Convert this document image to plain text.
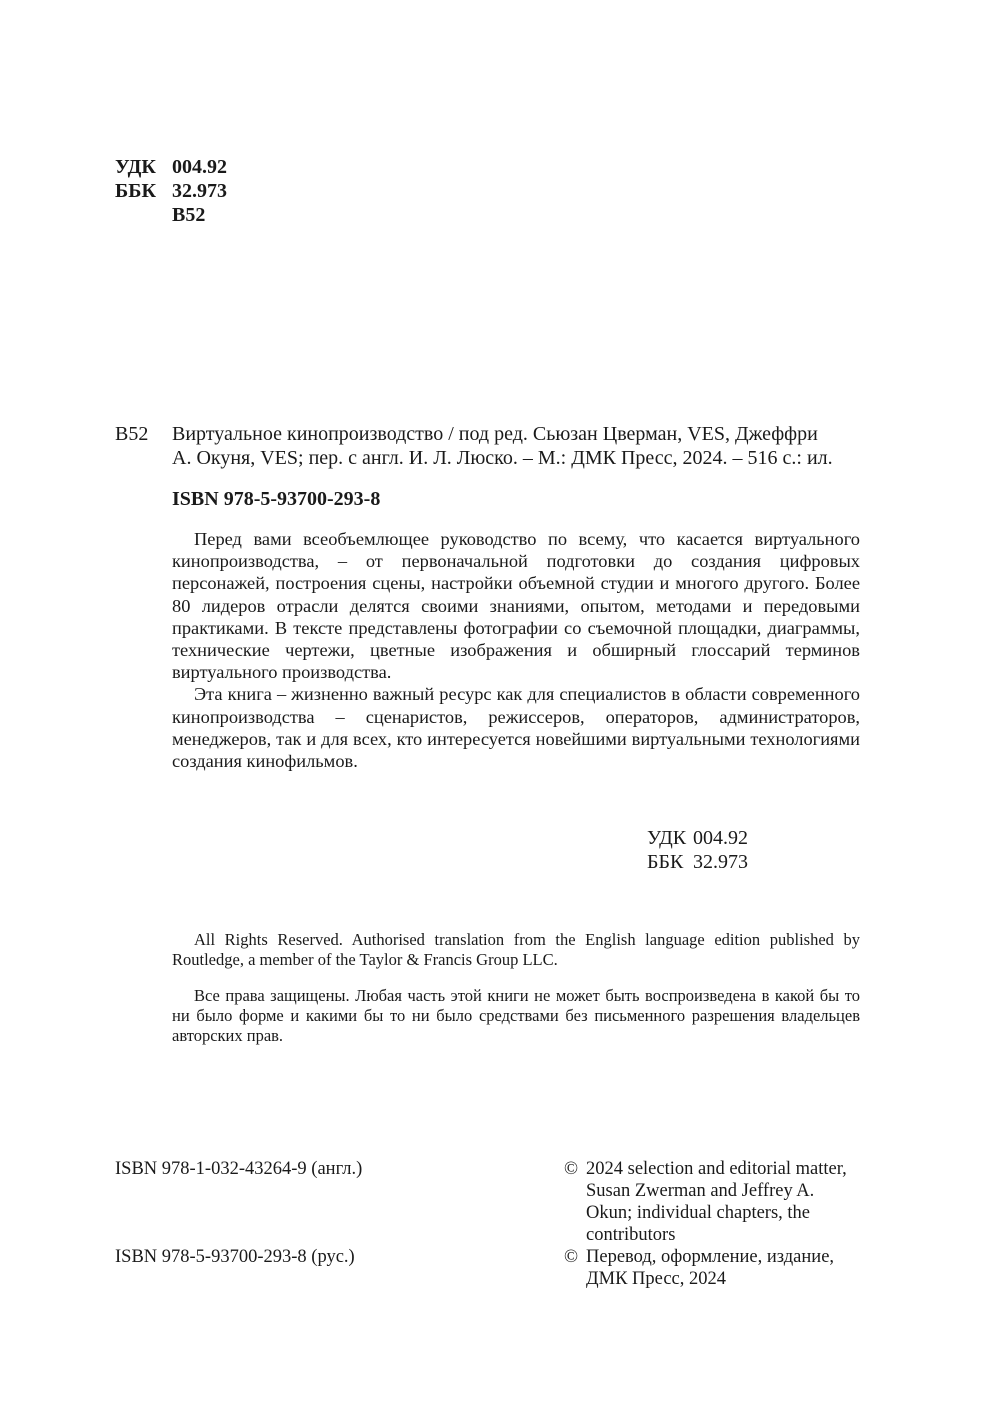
УДК 004.92
ББК 32.973
В52
В52 Виртуальное кинопроизводство / под ред. Сьюзан Цверман, VES, Джеффри
А. Окуня, VES; пер. с англ. И. Л. Люско. – М.: ДМК Пресс, 2024. – 516 с.: ил.
ISBN 978-5-93700-293-8

Перед вами всеобъемлющее руководство по всему, что касается виртуального кинопроизводства, – от первоначальной подготовки до создания цифровых персонажей, построения сцены, настройки объемной студии и многого другого. Более 80 лидеров отрасли делятся своими знаниями, опытом, методами и передовыми практиками. В тексте представлены фотографии со съемочной площадки, диаграммы, технические чертежи, цветные изображения и обширный глоссарий терминов виртуального производства.

Эта книга – жизненно важный ресурс как для специалистов в области современного кинопроизводства – сценаристов, режиссеров, операторов, администраторов, менеджеров, так и для всех, кто интересуется новейшими виртуальными технологиями создания кинофильмов.

УДК 004.92
ББК 32.973

All Rights Reserved. Authorised translation from the English language edition published by Routledge, a member of the Taylor & Francis Group LLC.

Все права защищены. Любая часть этой книги не может быть воспроизведена в какой бы то ни было форме и какими бы то ни было средствами без письменного разрешения владельцев авторских прав.

ISBN 978-1-032-43264-9 (англ.)
ISBN 978-5-93700-293-8 (рус.)
© 2024 selection and editorial matter, Susan Zwerman and Jeffrey A. Okun; individual chapters, the contributors
© Перевод, оформление, издание, ДМК Пресс, 2024
